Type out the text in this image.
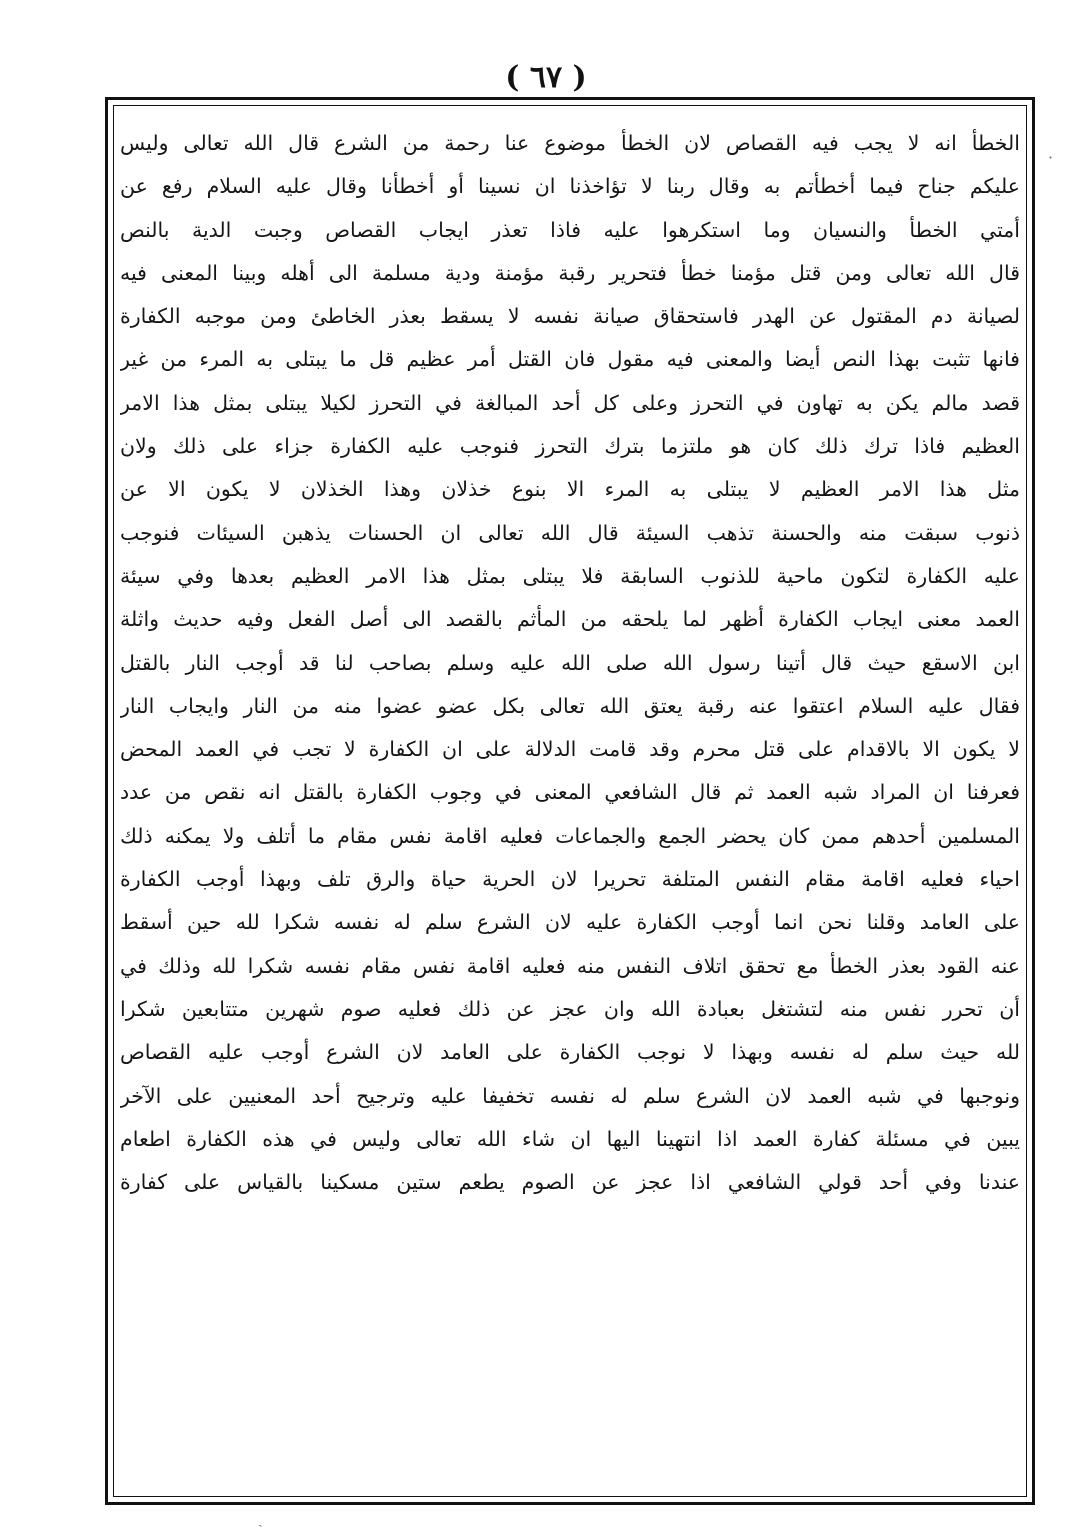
( ٦٧ )
·
الخطأ انه لا يجب فيه القصاص لان الخطأ موضوع عنا رحمة من الشرع قال الله تعالى وليس
عليكم جناح فيما أخطأتم به وقال ربنا لا تؤاخذنا ان نسينا أو أخطأنا وقال عليه السلام رفع عن
أمتي الخطأ والنسيان وما استكرهوا عليه فاذا تعذر ايجاب القصاص وجبت الدية بالنص
قال الله تعالى ومن قتل مؤمنا خطأ فتحرير رقبة مؤمنة ودية مسلمة الى أهله وبينا المعنى فيه
لصيانة دم المقتول عن الهدر فاستحقاق صيانة نفسه لا يسقط بعذر الخاطئ ومن موجبه الكفارة
فانها تثبت بهذا النص أيضا والمعنى فيه مقول فان القتل أمر عظيم قل ما يبتلى به المرء من غير
قصد مالم يكن به تهاون في التحرز وعلى كل أحد المبالغة في التحرز لكيلا يبتلى بمثل هذا الامر
العظيم فاذا ترك ذلك كان هو ملتزما بترك التحرز فنوجب عليه الكفارة جزاء على ذلك ولان
مثل هذا الامر العظيم لا يبتلى به المرء الا بنوع خذلان وهذا الخذلان لا يكون الا عن
ذنوب سبقت منه والحسنة تذهب السيئة قال الله تعالى ان الحسنات يذهبن السيئات فنوجب
عليه الكفارة لتكون ماحية للذنوب السابقة فلا يبتلى بمثل هذا الامر العظيم بعدها وفي سيئة
العمد معنى ايجاب الكفارة أظهر لما يلحقه من المأثم بالقصد الى أصل الفعل وفيه حديث واثلة
ابن الاسقع حيث قال أتينا رسول الله صلى الله عليه وسلم بصاحب لنا قد أوجب النار بالقتل
فقال عليه السلام اعتقوا عنه رقبة يعتق الله تعالى بكل عضو عضوا منه من النار وايجاب النار
لا يكون الا بالاقدام على قتل محرم وقد قامت الدلالة على ان الكفارة لا تجب في العمد المحض
فعرفنا ان المراد شبه العمد ثم قال الشافعي المعنى في وجوب الكفارة بالقتل انه نقص من عدد
المسلمين أحدهم ممن كان يحضر الجمع والجماعات فعليه اقامة نفس مقام ما أتلف ولا يمكنه ذلك
احياء فعليه اقامة مقام النفس المتلفة تحريرا لان الحرية حياة والرق تلف وبهذا أوجب الكفارة
على العامد وقلنا نحن انما أوجب الكفارة عليه لان الشرع سلم له نفسه شكرا لله حين أسقط
عنه القود بعذر الخطأ مع تحقق اتلاف النفس منه فعليه اقامة نفس مقام نفسه شكرا لله وذلك في
أن تحرر نفس منه لتشتغل بعبادة الله وان عجز عن ذلك فعليه صوم شهرين متتابعين شكرا
لله حيث سلم له نفسه وبهذا لا نوجب الكفارة على العامد لان الشرع أوجب عليه القصاص
ونوجبها في شبه العمد لان الشرع سلم له نفسه تخفيفا عليه وترجيح أحد المعنيين على الآخر
يبين في مسئلة كفارة العمد اذا انتهينا اليها ان شاء الله تعالى وليس في هذه الكفارة اطعام
عندنا وفي أحد قولي الشافعي اذا عجز عن الصوم يطعم ستين مسكينا بالقياس على كفارة
ˏ
